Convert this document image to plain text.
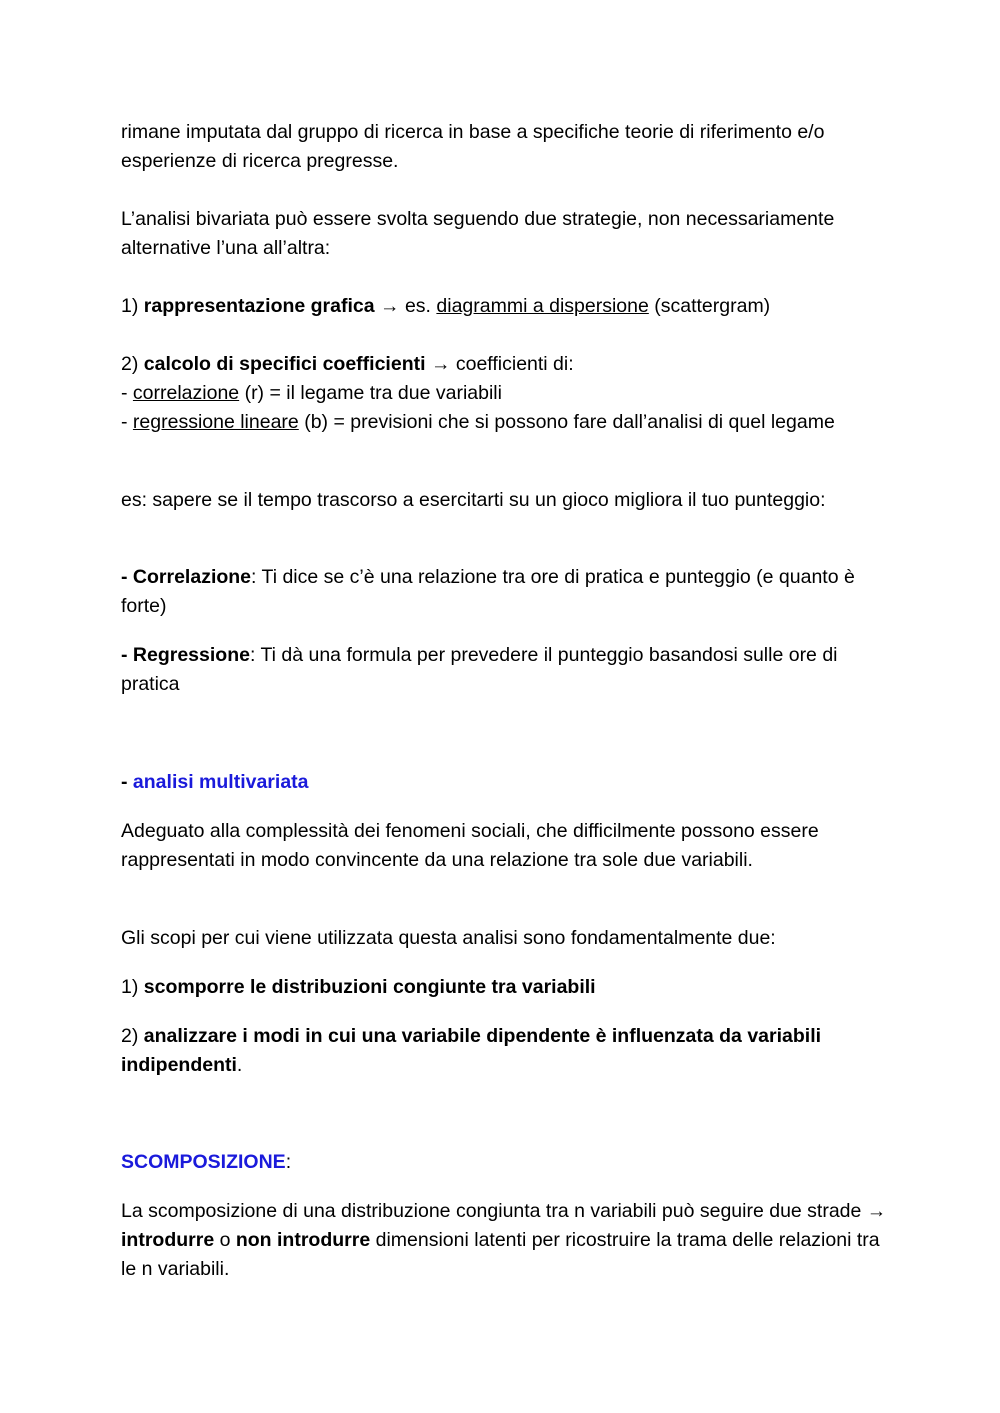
rimane imputata dal gruppo di ricerca in base a specifiche teorie di riferimento e/o esperienze di ricerca pregresse.

L’analisi bivariata può essere svolta seguendo due strategie, non necessariamente alternative l’una all’altra:

1) rappresentazione grafica → es. diagrammi a dispersione (scattergram)

2) calcolo di specifici coefficienti → coefficienti di:
- correlazione (r) = il legame tra due variabili
- regressione lineare (b) = previsioni che si possono fare dall’analisi di quel legame

es: sapere se il tempo trascorso a esercitarti su un gioco migliora il tuo punteggio:

- Correlazione: Ti dice se c’è una relazione tra ore di pratica e punteggio (e quanto è forte)

- Regressione: Ti dà una formula per prevedere il punteggio basandosi sulle ore di pratica

- analisi multivariata

Adeguato alla complessità dei fenomeni sociali, che difficilmente possono essere rappresentati in modo convincente da una relazione tra sole due variabili.

Gli scopi per cui viene utilizzata questa analisi sono fondamentalmente due:

1) scomporre le distribuzioni congiunte tra variabili

2) analizzare i modi in cui una variabile dipendente è influenzata da variabili indipendenti.

SCOMPOSIZIONE:

La scomposizione di una distribuzione congiunta tra n variabili può seguire due strade → introdurre o non introdurre dimensioni latenti per ricostruire la trama delle relazioni tra le n variabili.
